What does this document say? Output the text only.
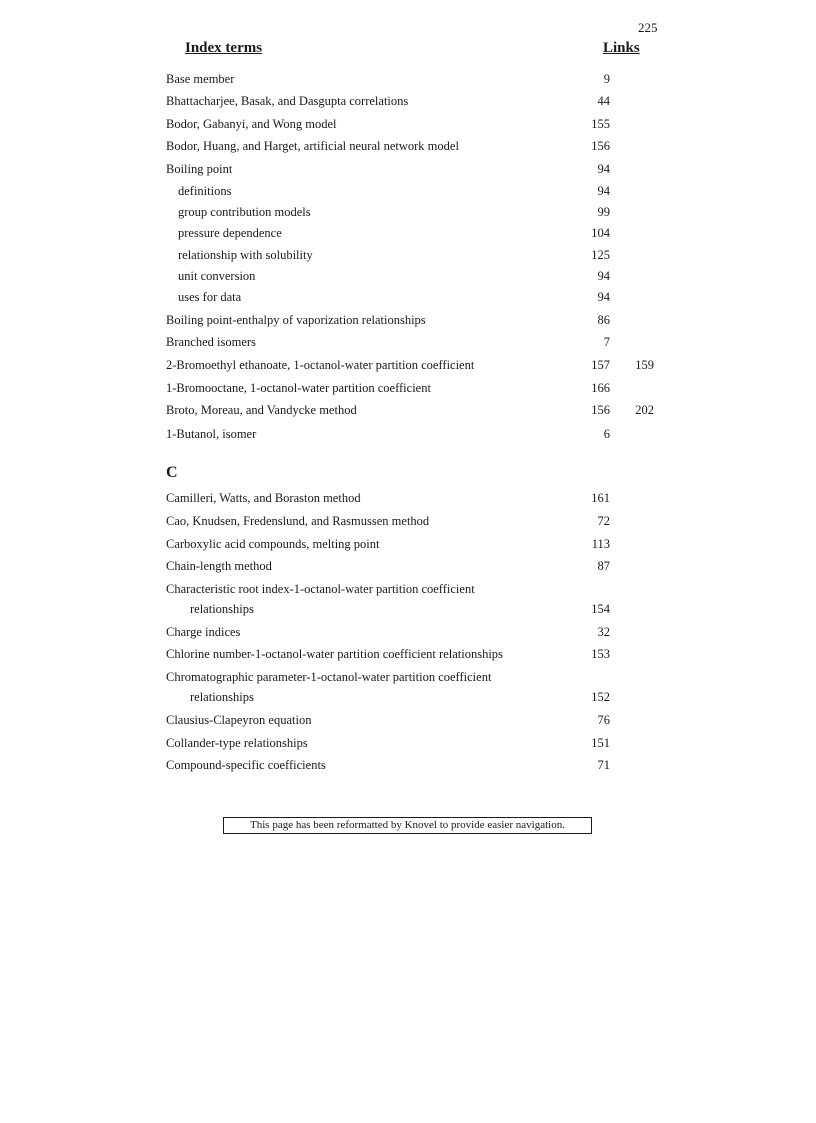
225
Index terms	Links
Base member	9
Bhattacharjee, Basak, and Dasgupta correlations	44
Bodor, Gabanyi, and Wong model	155
Bodor, Huang, and Harget, artificial neural network model	156
Boiling point	94
definitions	94
group contribution models	99
pressure dependence	104
relationship with solubility	125
unit conversion	94
uses for data	94
Boiling point-enthalpy of vaporization relationships	86
Branched isomers	7
2-Bromoethyl ethanoate, 1-octanol-water partition coefficient	157	159
1-Bromooctane, 1-octanol-water partition coefficient	166
Broto, Moreau, and Vandycke method	156	202
1-Butanol, isomer	6
C
Camilleri, Watts, and Boraston method	161
Cao, Knudsen, Fredenslund, and Rasmussen method	72
Carboxylic acid compounds, melting point	113
Chain-length method	87
Characteristic root index-1-octanol-water partition coefficient
relationships	154
Charge indices	32
Chlorine number-1-octanol-water partition coefficient relationships	153
Chromatographic parameter-1-octanol-water partition coefficient
relationships	152
Clausius-Clapeyron equation	76
Collander-type relationships	151
Compound-specific coefficients	71
This page has been reformatted by Knovel to provide easier navigation.
